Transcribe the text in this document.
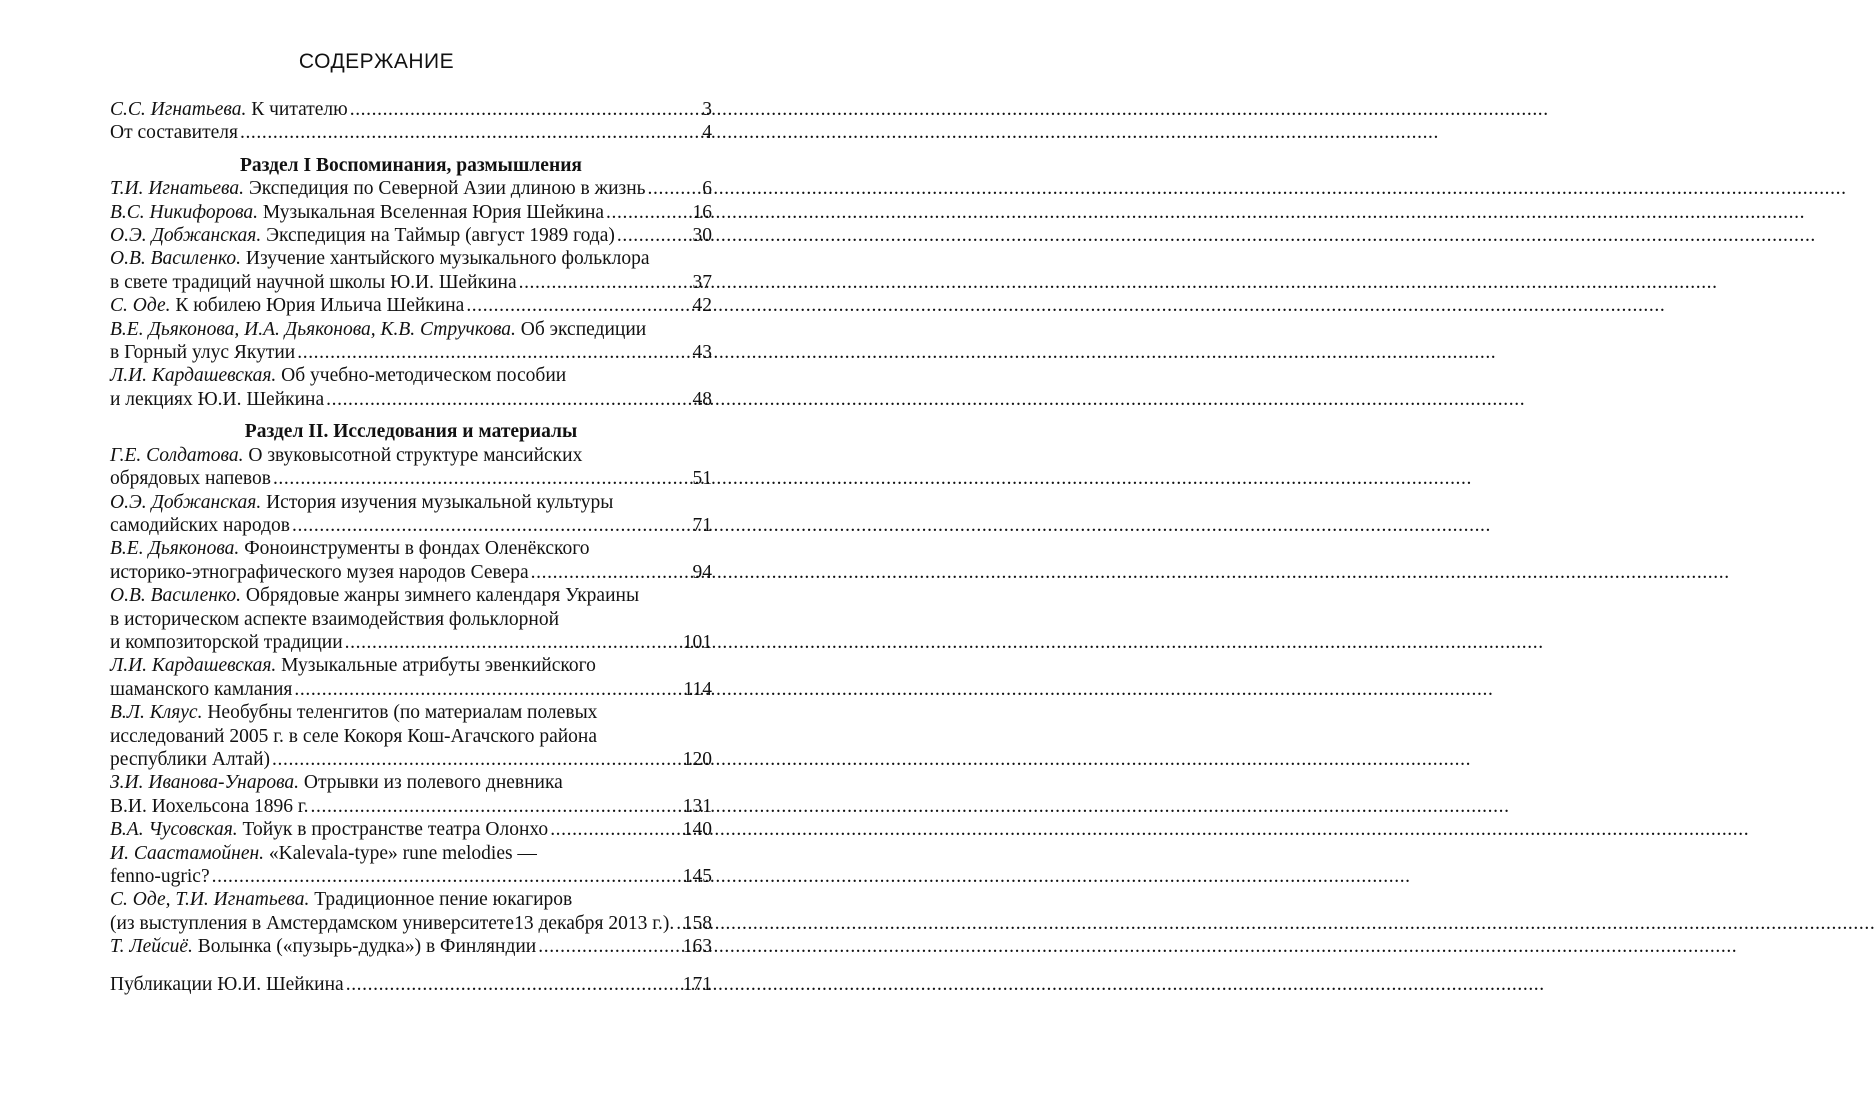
СОДЕРЖАНИЕ
С.С. Игнатьева. К читателю .....	3
От составителя .....	4
Раздел I Воспоминания, размышления
Т.И. Игнатьева. Экспедиция по Северной Азии длиною в жизнь .....	6
В.С. Никифорова. Музыкальная Вселенная Юрия Шейкина .....	16
О.Э. Добжанская. Экспедиция на Таймыр (август 1989 года) .....	30
О.В. Василенко. Изучение хантыйского музыкального фольклора
в свете традиций научной школы Ю.И. Шейкина .....	37
С. Оде. К юбилею Юрия Ильича Шейкина .....	42
В.Е. Дьяконова, И.А. Дьяконова, К.В. Стручкова. Об экспедиции
в Горный улус Якутии .....	43
Л.И. Кардашевская. Об учебно-методическом пособии
и лекциях Ю.И. Шейкина .....	48
Раздел II. Исследования и материалы
Г.Е. Солдатова. О звуковысотной структуре мансийских
обрядовых напевов .....	51
О.Э. Добжанская. История изучения музыкальной культуры
самодийских народов .....	71
В.Е. Дьяконова. Фоноинструменты в фондах Оленёкского
историко-этнографического музея народов Севера .....	94
О.В. Василенко. Обрядовые жанры зимнего календаря Украины
в историческом аспекте взаимодействия фольклорной
и композиторской традиции .....	101
Л.И. Кардашевская. Музыкальные атрибуты эвенкийского
шаманского камлания .....	114
В.Л. Кляус. Необубны теленгитов (по материалам полевых
исследований 2005 г. в селе Кокоря Кош-Агачского района
республики Алтай) .....	120
З.И. Иванова-Унарова. Отрывки из полевого дневника
В.И. Иохельсона 1896 г. .....	131
В.А. Чусовская. Тойук в пространстве театра Олонхо .....	140
И. Саастамойнен. «Kalevala-type» rune melodies —
fenno-ugric? .....	145
С. Оде, Т.И. Игнатьева. Традиционное пение юкагиров
(из выступления в Амстердамском университете13 декабря 2013 г.). ..... 158
Т. Лейсиё. Волынка («пузырь-дудка») в Финляндии .....	163
Публикации Ю.И. Шейкина .....	171
